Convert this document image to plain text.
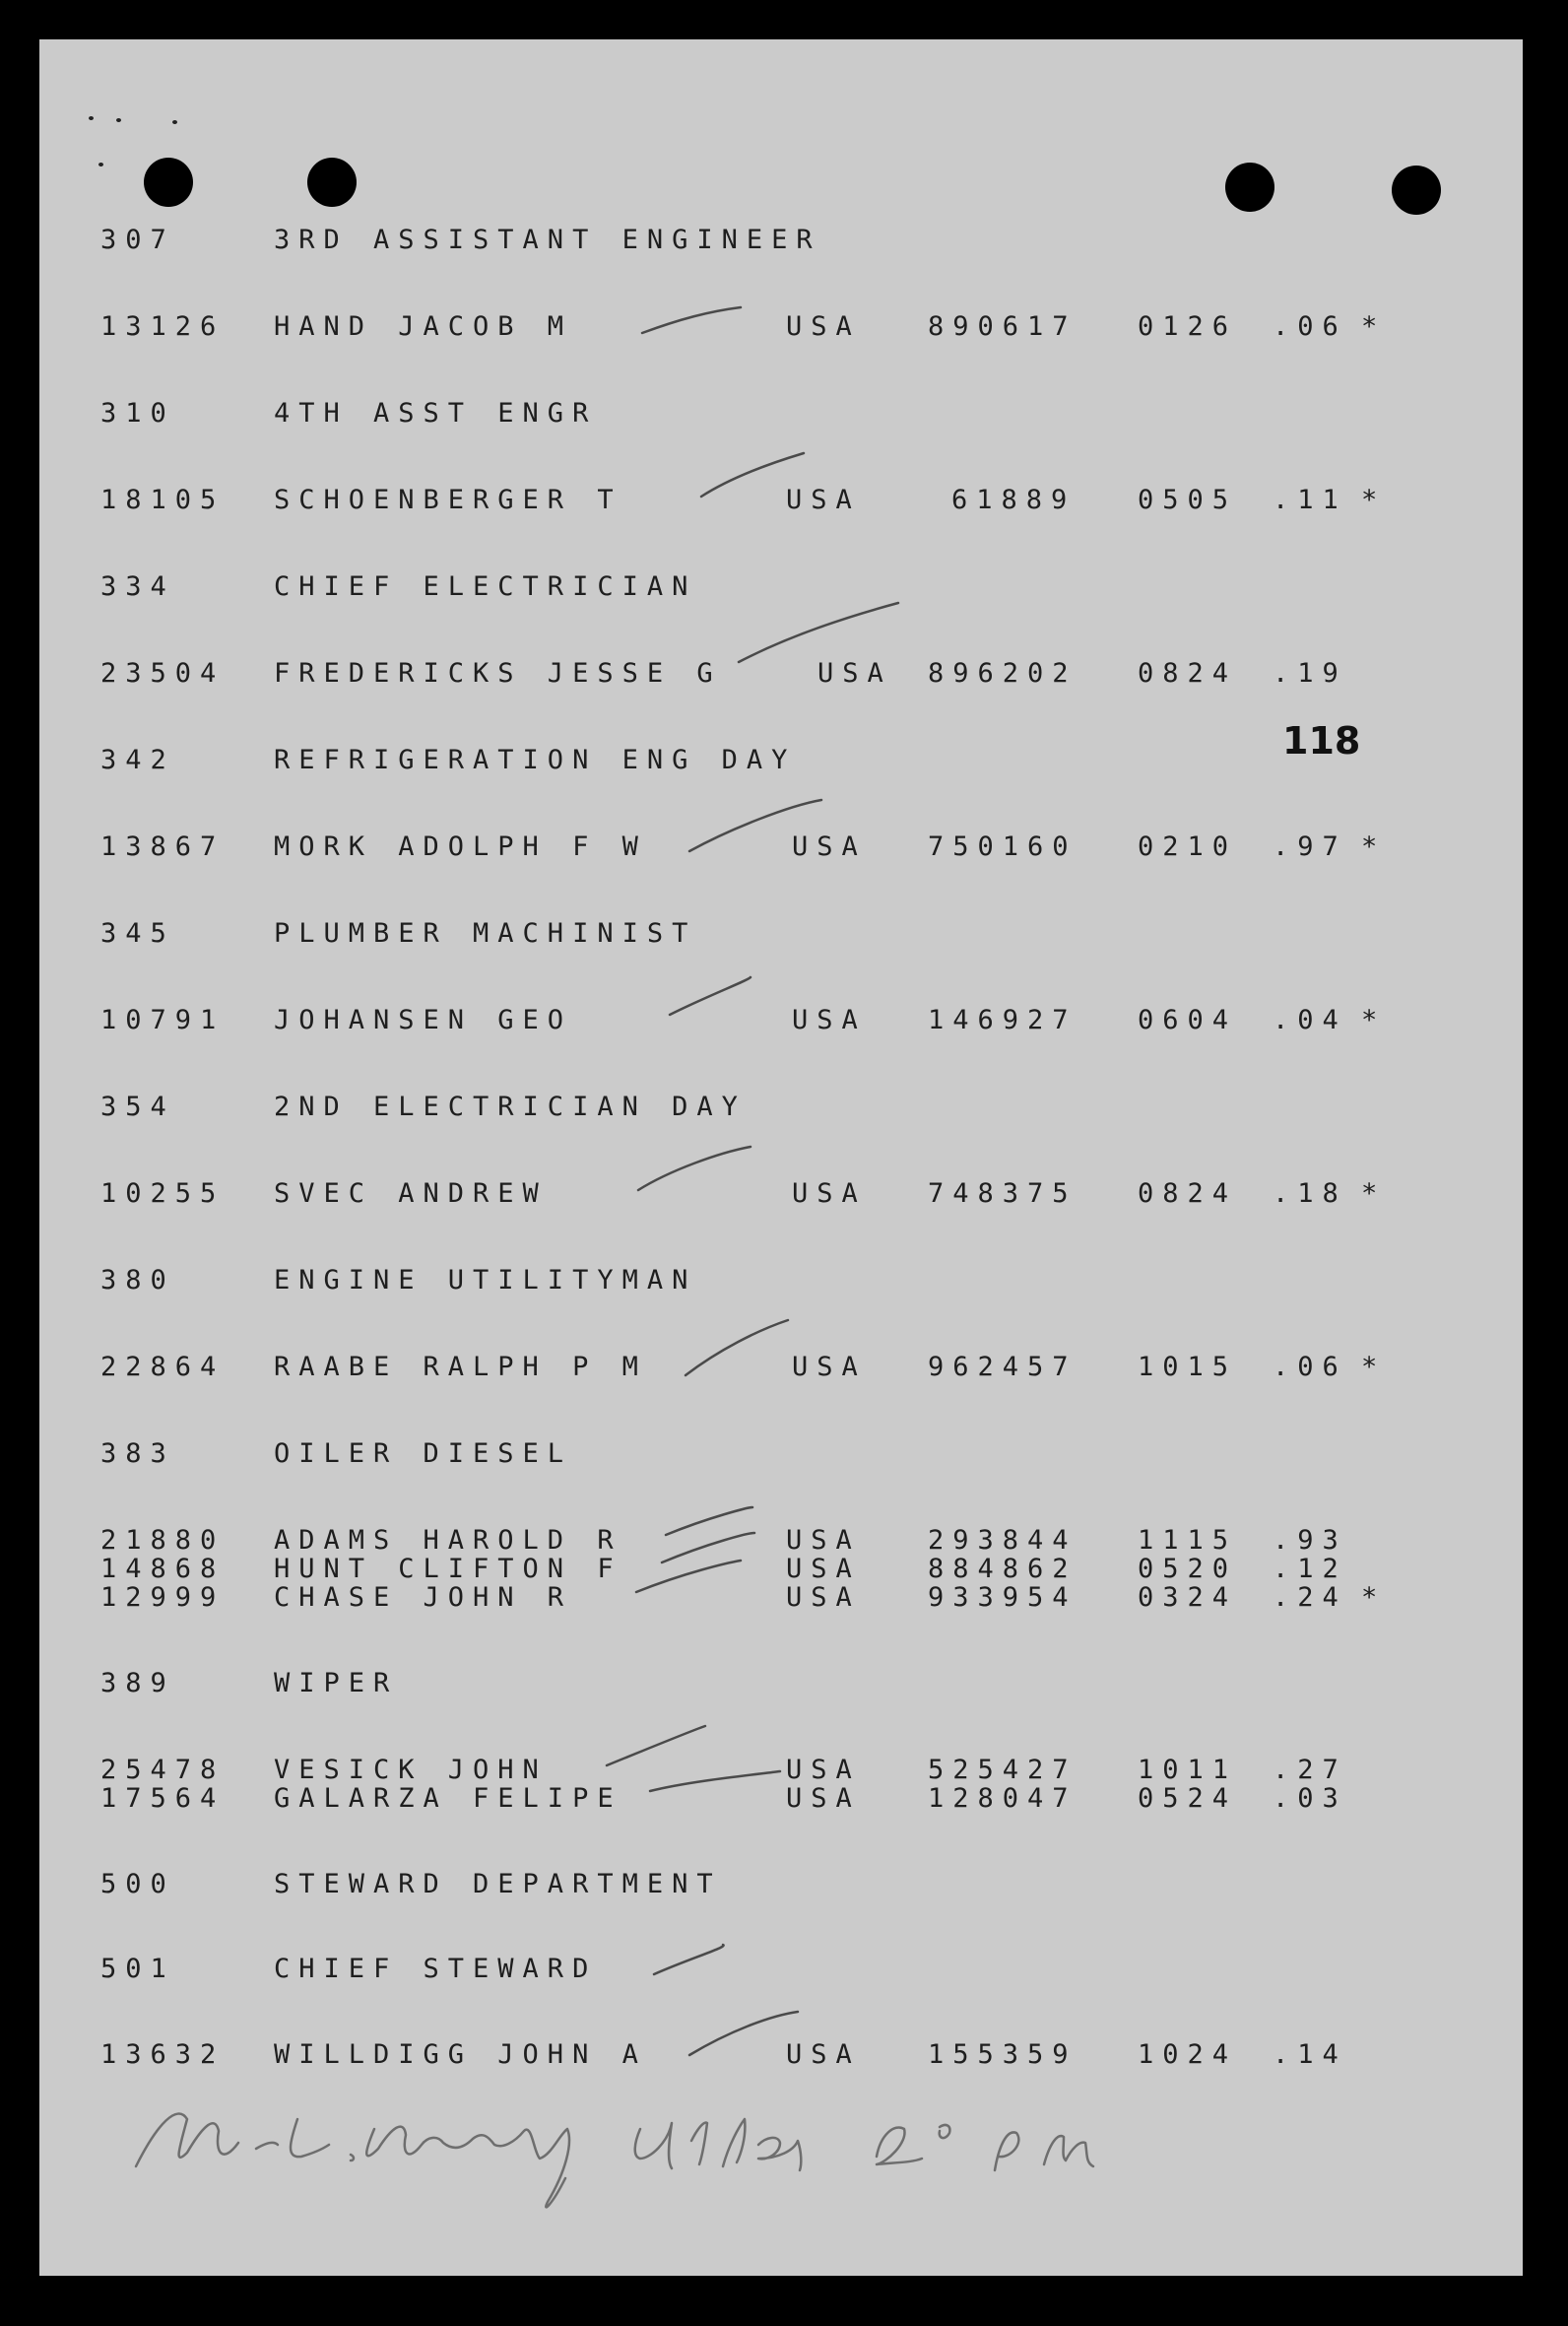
118
307	3RD ASSISTANT ENGINEER
13126 HAND JACOB M	USA	890617 0126 .06 *
310	4TH ASST ENGR
18105 SCHOENBERGER T	USA	61889 0505 .11 *
334	CHIEF ELECTRICIAN
23504 FREDERICKS JESSE G	USA 896202 0824 .19
342	REFRIGERATION ENG DAY
13867 MORK ADOLPH F W	USA 750160 0210 .97 *
345	PLUMBER MACHINIST
10791 JOHANSEN GEO	USA 146927 0604 .04 *
354	2ND ELECTRICIAN DAY
10255 SVEC ANDREW	USA 748375 0824 .18 *
380	ENGINE UTILITYMAN
22864 RAABE RALPH P M	USA 962457 1015 .06 *
383	OILER DIESEL
21880 ADAMS HAROLD R	USA	293844 1115 .93
14868 HUNT CLIFTON F	USA	884862 0520 .12
12999 CHASE JOHN R	USA	933954 0324 .24 *
389	WIPER
25478 VESICK JOHN	USA	525427 1011 .27
17564 GALARZA FELIPE	USA	128047 0524 .03
500	STEWARD DEPARTMENT
501	CHIEF STEWARD
13632 WILLDIGG JOHN A	USA	155359 1024 .14
